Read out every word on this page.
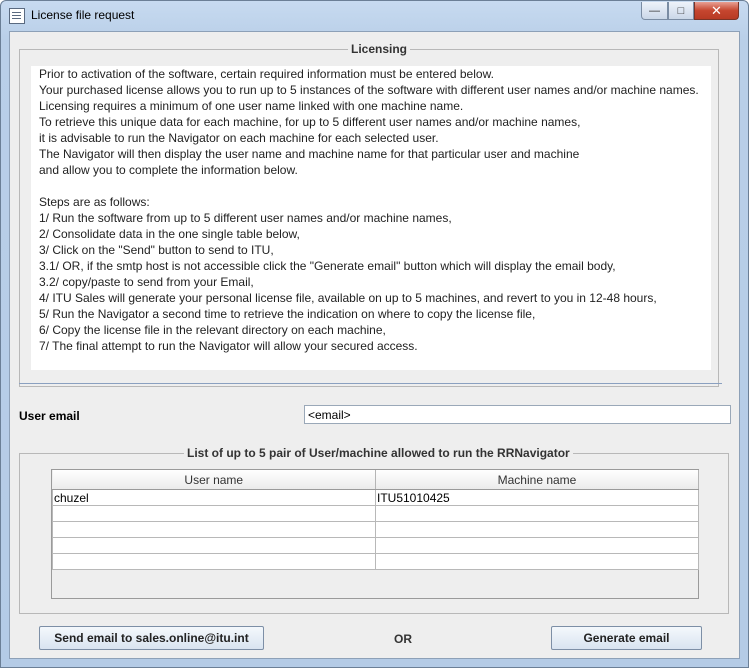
License file request	— □ ✕
Licensing
Prior to activation of the software, certain required information must be entered below.
Your purchased license allows you to run up to 5 instances of the software with different user names and/or machine names.
Licensing requires a minimum of one user name linked with one machine name.
To retrieve this unique data for each machine, for up to 5 different user names and/or machine names,
it is advisable to run the Navigator on each machine for each selected user.
The Navigator will then display the user name and machine name for that particular user and machine
and allow you to complete the information below.
Steps are as follows:
1/ Run the software from up to 5 different user names and/or machine names,
2/ Consolidate data in the one single table below,
3/ Click on the "Send" button to send to ITU,
3.1/ OR, if the smtp host is not accessible click the "Generate email" button which will display the email body,
3.2/ copy/paste to send from your Email,
4/ ITU Sales will generate your personal license file, available on up to 5 machines, and revert to you in 12-48 hours,
5/ Run the Navigator a second time to retrieve the indication on where to copy the license file,
6/ Copy the license file in the relevant directory on each machine,
7/ The final attempt to run the Navigator will allow your secured access.
User email
<email>
List of up to 5 pair of User/machine allowed to run the RRNavigator
User name	Machine name
chuzel	ITU51010425

Send email to sales.online@itu.int	OR	Generate email
